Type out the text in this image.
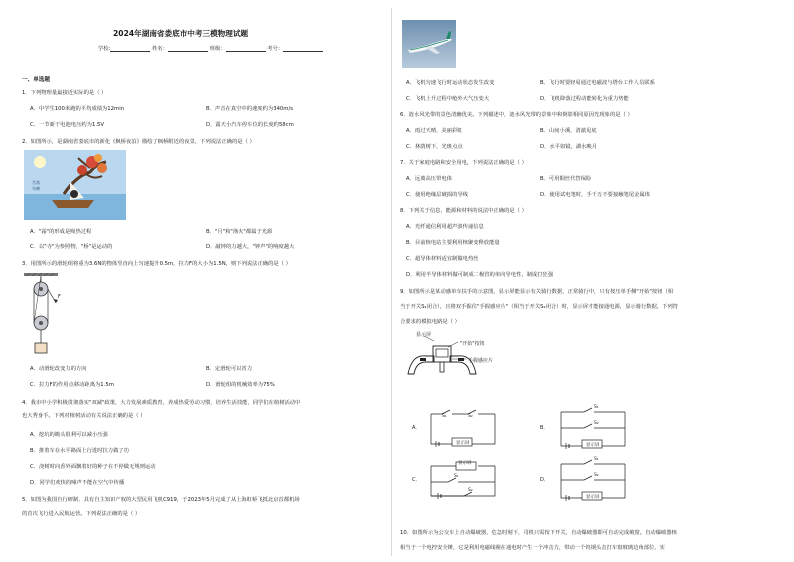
2024年湖南省娄底市中考三模物理试题
学校:	姓名：	班级：	考号：
一、单选题
1．下列物理量最接近实际的是（ ）
A．中学生100米跑的平均成绩为12min	B．声音在真空中的速度约为340m/s
C．一节新干电池电压约为1.5V	D．露天小汽车停车位的长度约58cm
2．如图所示，是湖南省娄底市的新化《枫桥夜泊》描绘了枫桥附近的夜景，下列说法正确的是（ ）
月落
乌啼
A．"霜"的形成是吸热过程	B．"月"和"渔火"都属于光源
C．以"寺"为参照物，"桥"是运动的	D．敲钟的力越大，"钟声"的响度越大
3．用图所示的滑轮组将重为3.6N的物体竖直向上匀速提升0.5m，拉力F的大小为1.5N，则下列说法正确的是（ ）
F
A．动滑轮改变力的方向	B．定滑轮可以省力
C．拉力F的作用点移动距离为1.5m	D．滑轮组的机械效率为75%
4．我市中小学积极贯彻落实"双减"政策，大力发展素质教育，养成热爱劳动习惯，培养生活技能，同学们在植树活动中
也大秀身手。下列对植树活动有关说法正确的是（ ）
A．挖坑的锄头很利可以减小压强
B．推着车在水平路面上行进时拉力做了功
C．浇树时向香外面飘着好的种子在不停做无规则运动
D．同学们欢快的嗓声不能在空气中传播
5．如图为我国自行研制、具有自主知识产权的大型民用飞机C919，于2023年5月完成了从上海虹桥飞抵北京首都机场
的首次飞行进入民航运营。下列说法正确的是（ ）
A．飞机匀速飞行时运动状态发生改变	B．飞行时要轻易通过电磁波与塔台工作人员联系
C．飞机上升过程中舱外大气压变大	D．飞机降落过程动能转化为重力势能
6．涟水风光带的景色清幽优美。下列描述中，涟水风光带的景象中和倒影相同原因光现象的是（ ）
A．雨过天晴，美丽彩虹	B．山间小溪，清澈见底
C．林荫树下，光斑点点	D．水平如镜，湖水映月
7．关于家庭电路和安全用电，下列说法正确的是（ ）
A．远离高压带电体	B．可用铜丝代替保险
C．使用绝缘层破损的导线	D．使用试电笔时，手千万不要接触笔尾金属体
8．下列关于信息、能源和材料的说法中正确的是（ ）
A．光纤通信利用超声波传递信息
B．目前核电站主要利用核聚变释放能量
C．超导体材料适宜制做电热丝
D．利用半导体材料做可制成二极管的单向导电性，制成打狂强
9．如图所示是某动感单车扶手的示意图，显示屏能显示有关骑行数据，正常骑行中，只有按压单手侧"开始"按钮（相
当于开关S₁闭合），且将双手握住"手握感应片"（相当于开关S₂闭合）时，显示屏才能接通电源，显示骑行数据，下列符
合要求的模拟电路是（ ）
显示屏
"开始"按钮
手握感应片
A．
S₁	S₂
显示屏
B．
S₁
S₂
显示屏
C．
显示屏
S₁
S₂
D．
S₁
S₂
显示屏
10．如图所示为公交车上自动爆破器，危急时刻下，司机只需按下开关，自动爆破器即可自动完成破窗。自动爆破器核
相当于一个电控安全锤，它是利用电磁线圈在通电时产生一个冲击力，带动一个钨钢头击打车窗玻璃边角部位，实
